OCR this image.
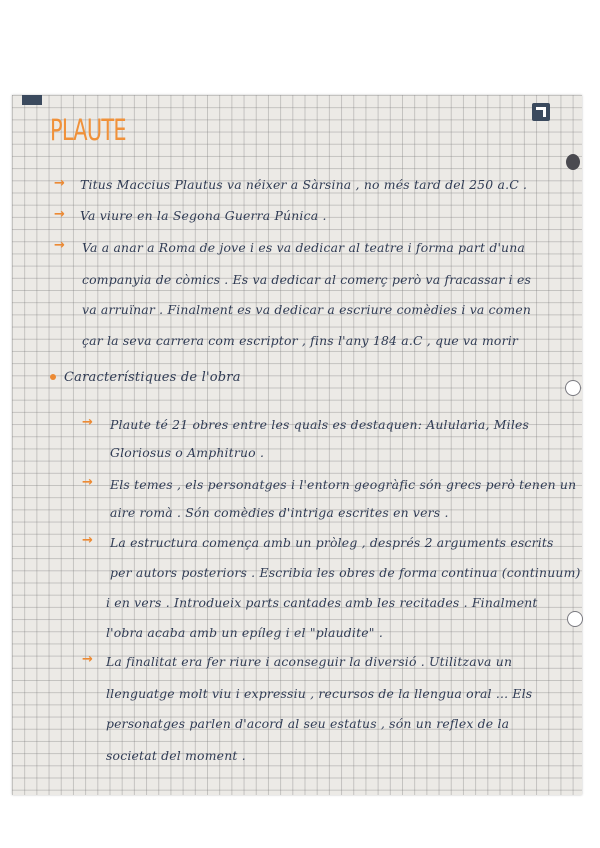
PLAUTE
→ Titus Maccius Plautus va néixer a Sàrsina , no més tard del 250 a.C .
→ Va viure en la Segona Guerra Púnica .
→ Va a anar a Roma de jove i es va dedicar al teatre i forma part d'una
companyia de còmics . Es va dedicar al comerç però va fracassar i es
va arruïnar . Finalment es va dedicar a escriure comèdies i va comen
çar la seva carrera com escriptor , fins l'any 184 a.C , que va morir
Característiques de l'obra
→ Plaute té 21 obres entre les quals es destaquen: Aulularia, Miles
Gloriosus o Amphitruo .
→ Els temes , els personatges i l'entorn geogràfic són grecs però tenen un
aire romà . Són comèdies d'intriga escrites en vers .
→ La estructura comença amb un pròleg , després 2 arguments escrits
per autors posteriors . Escribia les obres de forma continua (continuum)
i en vers . Introdueix parts cantades amb les recitades . Finalment
l'obra acaba amb un epíleg i el "plaudite" .
→ La finalitat era fer riure i aconseguir la diversió . Utilitzava un
llenguatge molt viu i expressiu , recursos de la llengua oral ... Els
personatges parlen d'acord al seu estatus , són un reflex de la
societat del moment .
